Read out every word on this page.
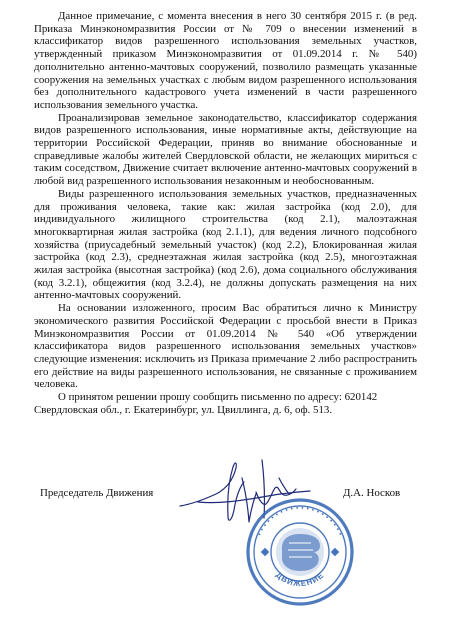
Данное примечание, с момента внесения в него 30 сентября 2015 г. (в ред. Приказа Минэкономразвития России от № 709 о внесении изменений в классификатор видов разрешенного использования земельных участков, утвержденный приказом Минэкономразвития от 01.09.2014 г. № 540) дополнительно антенно-мачтовых сооружений, позволило размещать указанные сооружения на земельных участках с любым видом разрешенного использования без дополнительного кадастрового учета изменений в части разрешенного использования земельного участка.

Проанализировав земельное законодательство, классификатор содержания видов разрешенного использования, иные нормативные акты, действующие на территории Российской Федерации, приняв во внимание обоснованные и справедливые жалобы жителей Свердловской области, не желающих мириться с таким соседством, Движение считает включение антенно-мачтовых сооружений в любой вид разрешенного использования незаконным и необоснованным.

Виды разрешенного использования земельных участков, предназначенных для проживания человека, такие как: жилая застройка (код 2.0), для индивидуального жилищного строительства (код 2.1), малоэтажная многоквартирная жилая застройка (код 2.1.1), для ведения личного подсобного хозяйства (приусадебный земельный участок) (код 2.2), Блокированная жилая застройка (код 2.3), среднеэтажная жилая застройка (код 2.5), многоэтажная жилая застройка (высотная застройка) (код 2.6), дома социального обслуживания (код 3.2.1), общежития (код 3.2.4), не должны допускать размещения на них антенно-мачтовых сооружений.

На основании изложенного, просим Вас обратиться лично к Министру экономического развития Российской Федерации с просьбой внести в Приказ Минэкономразвития России от 01.09.2014 № 540 «Об утверждении классификатора видов разрешенного использования земельных участков» следующие изменения: исключить из Приказа примечание 2 либо распространить его действие на виды разрешенного использования, не связанные с проживанием человека.

О принятом решении прошу сообщить письменно по адресу: 620142

Свердловская обл., г. Екатеринбург, ул. Цвиллинга, д. 6, оф. 513.

Председатель Движения	Д.А. Носков
ДВИЖЕНИЕ
• • • • • • • • • • • • • • • • • • • •
